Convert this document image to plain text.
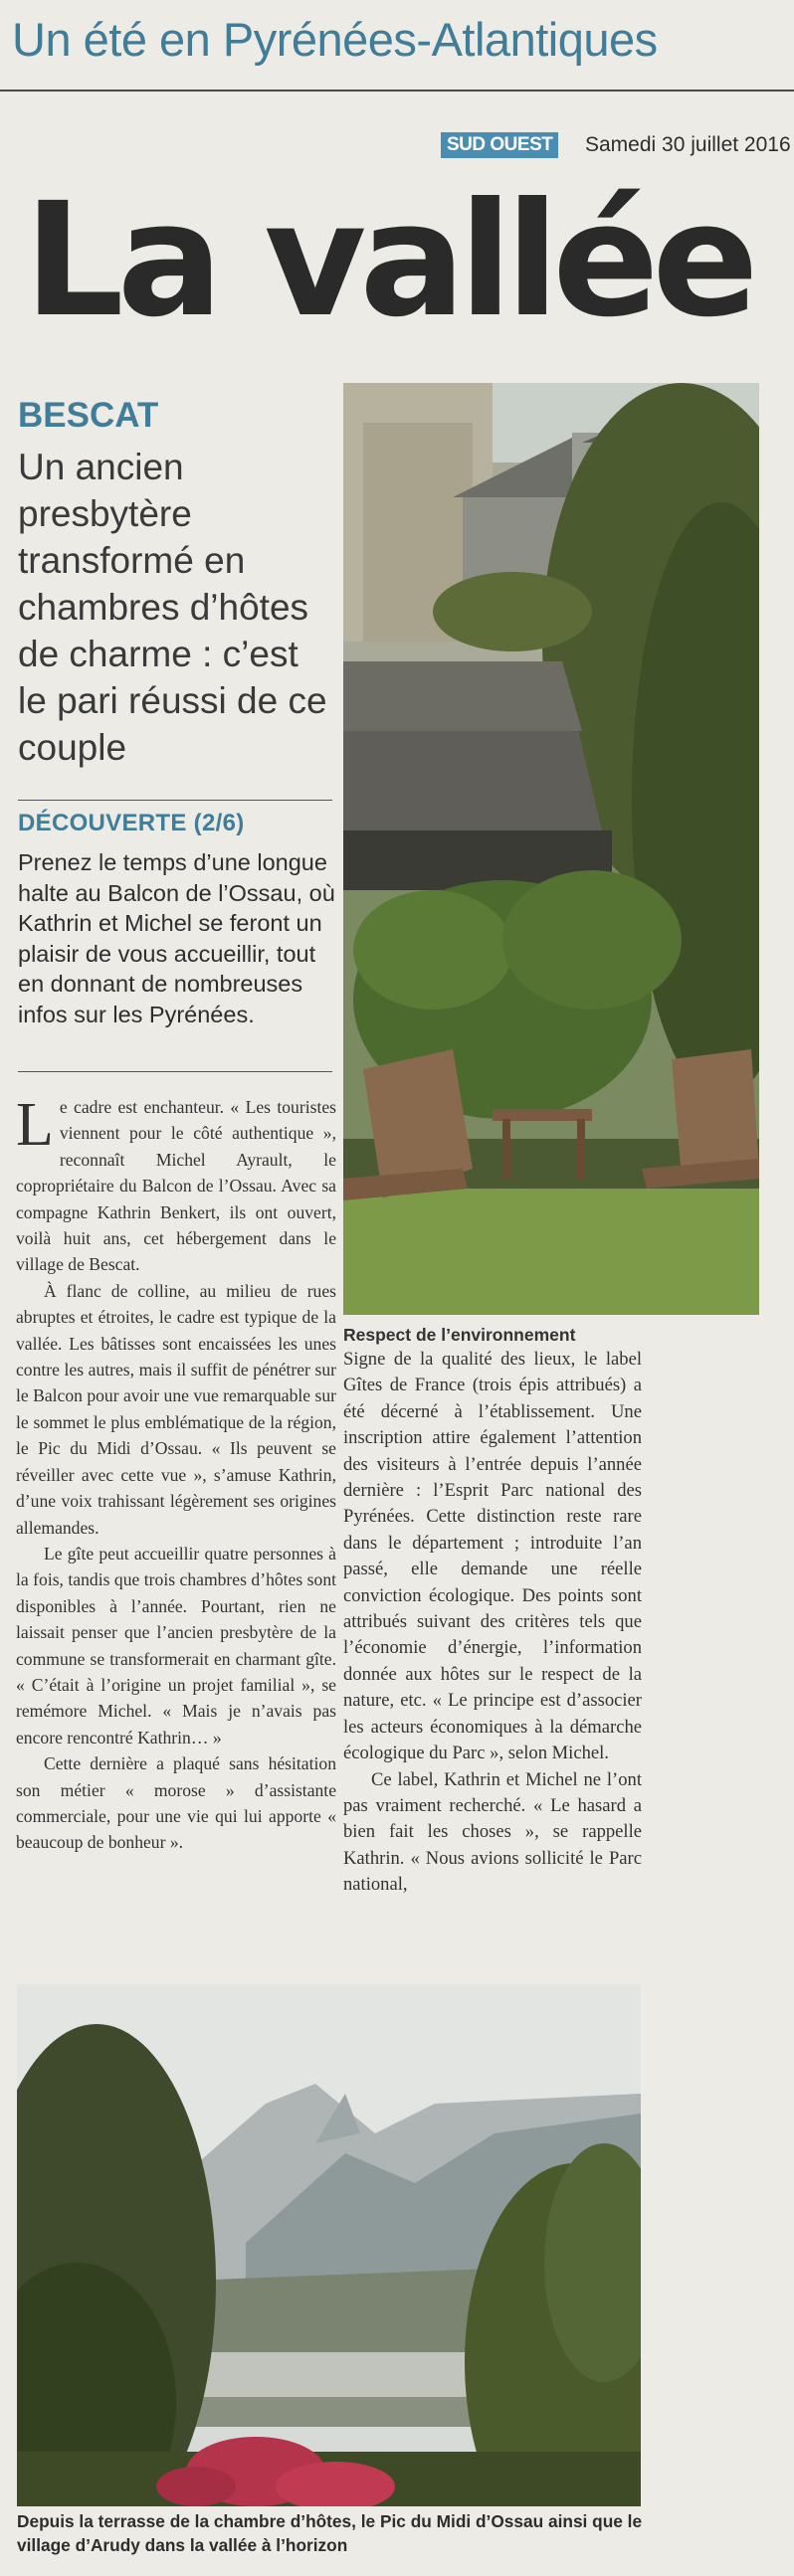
Un été en Pyrénées-Atlantiques
SUD OUEST Samedi 30 juillet 2016
La vallée
BESCAT
Un ancien presbytère transformé en chambres d’hôtes de charme : c’est le pari réussi de ce couple
DÉCOUVERTE (2/6)
Prenez le temps d’une longue halte au Balcon de l’Ossau, où Kathrin et Michel se feront un plaisir de vous accueillir, tout en donnant de nombreuses infos sur les Pyrénées.

Le cadre est enchanteur. « Les touristes viennent pour le côté authentique », reconnaît Michel Ayrault, le copropriétaire du Balcon de l’Ossau. Avec sa compagne Kathrin Benkert, ils ont ouvert, voilà huit ans, cet hébergement dans le village de Bescat.

À flanc de colline, au milieu de rues abruptes et étroites, le cadre est typique de la vallée. Les bâtisses sont encaissées les unes contre les autres, mais il suffit de pénétrer sur le Balcon pour avoir une vue remarquable sur le sommet le plus emblématique de la région, le Pic du Midi d’Ossau. « Ils peuvent se réveiller avec cette vue », s’amuse Kathrin, d’une voix trahissant légèrement ses origines allemandes.

Le gîte peut accueillir quatre personnes à la fois, tandis que trois chambres d’hôtes sont disponibles à l’année. Pourtant, rien ne laissait penser que l’ancien presbytère de la commune se transformerait en charmant gîte. « C’était à l’origine un projet familial », se remémore Michel. « Mais je n’avais pas encore rencontré Kathrin… »

Cette dernière a plaqué sans hésitation son métier « morose » d’assistante commerciale, pour une vie qui lui apporte « beaucoup de bonheur ».

Respect de l’environnement

Signe de la qualité des lieux, le label Gîtes de France (trois épis attribués) a été décerné à l’établissement. Une inscription attire également l’attention des visiteurs à l’entrée depuis l’année dernière : l’Esprit Parc national des Pyrénées. Cette distinction reste rare dans le département ; introduite l’an passé, elle demande une réelle conviction écologique. Des points sont attribués suivant des critères tels que l’économie d’énergie, l’information donnée aux hôtes sur le respect de la nature, etc. « Le principe est d’associer les acteurs économiques à la démarche écologique du Parc », selon Michel.

Ce label, Kathrin et Michel ne l’ont pas vraiment recherché. « Le hasard a bien fait les choses », se rappelle Kathrin. « Nous avions sollicité le Parc national,

Depuis la terrasse de la chambre d’hôtes, le Pic du Midi d’Ossau ainsi que le village d’Arudy dans la vallée à l’horizon
